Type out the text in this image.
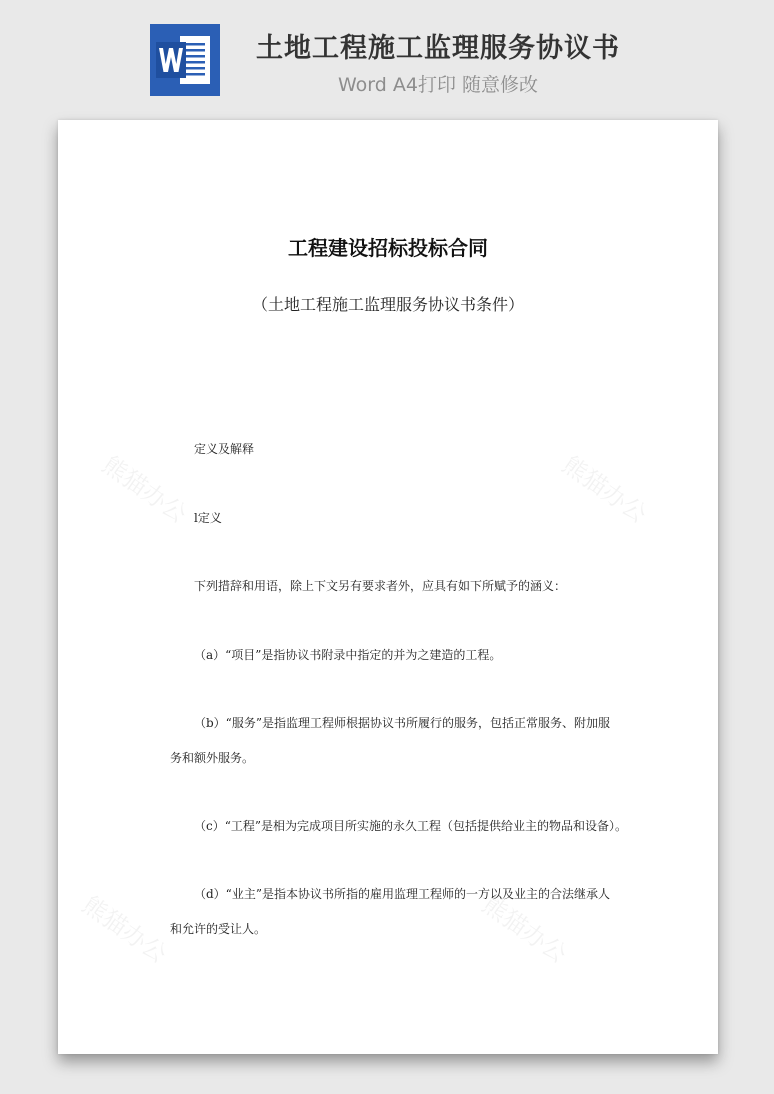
土地工程施工监理服务协议书
Word A4打印 随意修改
熊猫办公	熊猫办公
熊猫办公	熊猫办公
工程建设招标投标合同
（土地工程施工监理服务协议书条件）
定义及解释
l定义
下列措辞和用语，除上下文另有要求者外，应具有如下所赋予的涵义：
（a）“项目”是指协议书附录中指定的并为之建造的工程。
（b）“服务”是指监理工程师根据协议书所履行的服务，包括正常服务、附加服
务和额外服务。
（c）“工程”是相为完成项目所实施的永久工程（包括提供给业主的物品和设备）。
（d）“业主”是指本协议书所指的雇用监理工程师的一方以及业主的合法继承人
和允许的受让人。
